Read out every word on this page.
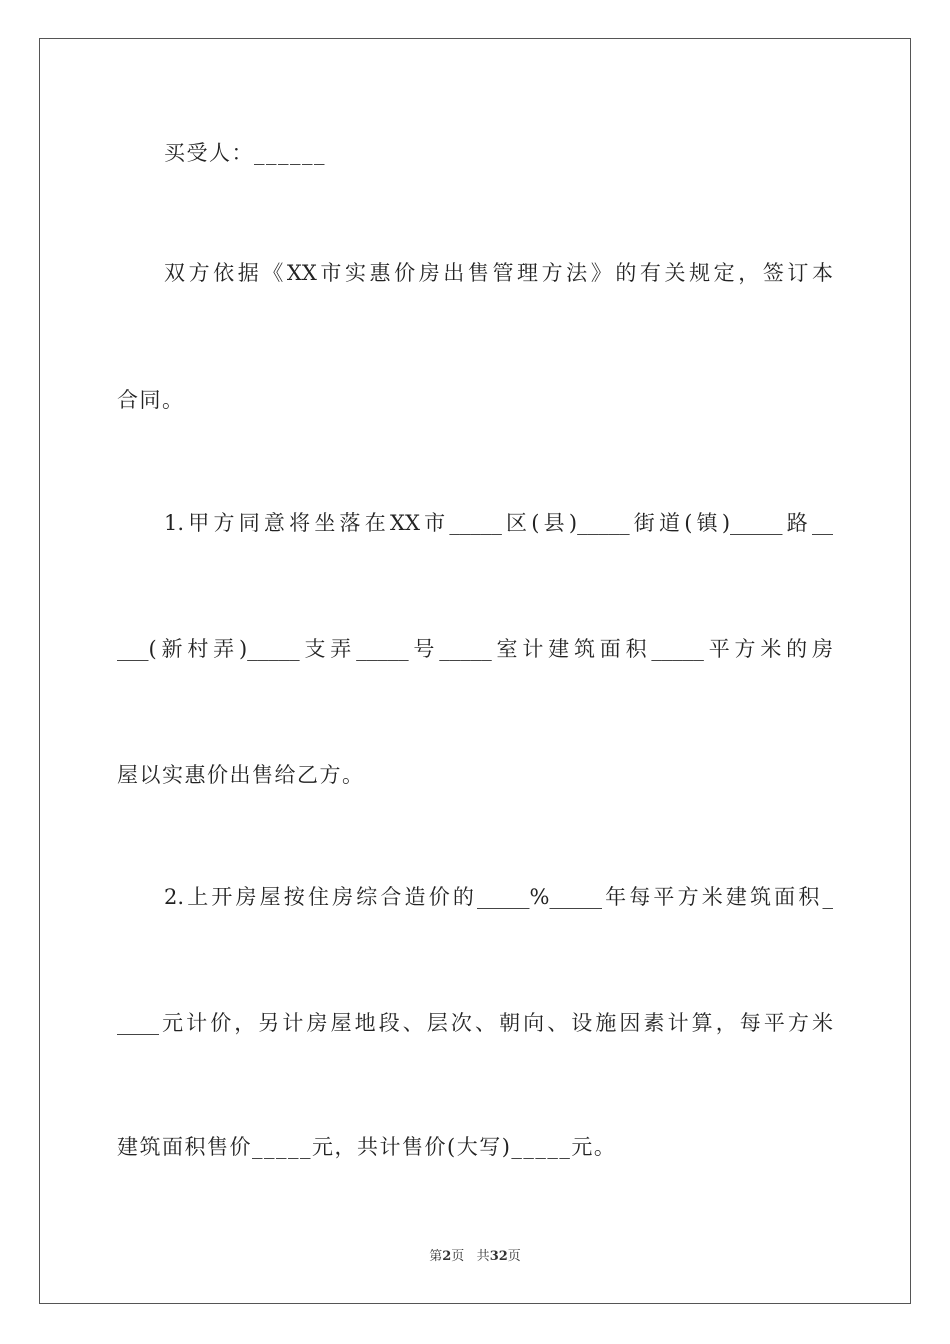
买受人：______
双方依据《XX市实惠价房出售管理方法》的有关规定，签订本
合同。
1.甲方同意将坐落在XX市_____区(县)_____街道(镇)_____路__
___(新村弄)_____支弄_____号_____室计建筑面积_____平方米的房
屋以实惠价出售给乙方。
2.上开房屋按住房综合造价的_____%_____年每平方米建筑面积_
____元计价，另计房屋地段、层次、朝向、设施因素计算，每平方米
建筑面积售价_____元，共计售价(大写)_____元。
第2页 共32页
